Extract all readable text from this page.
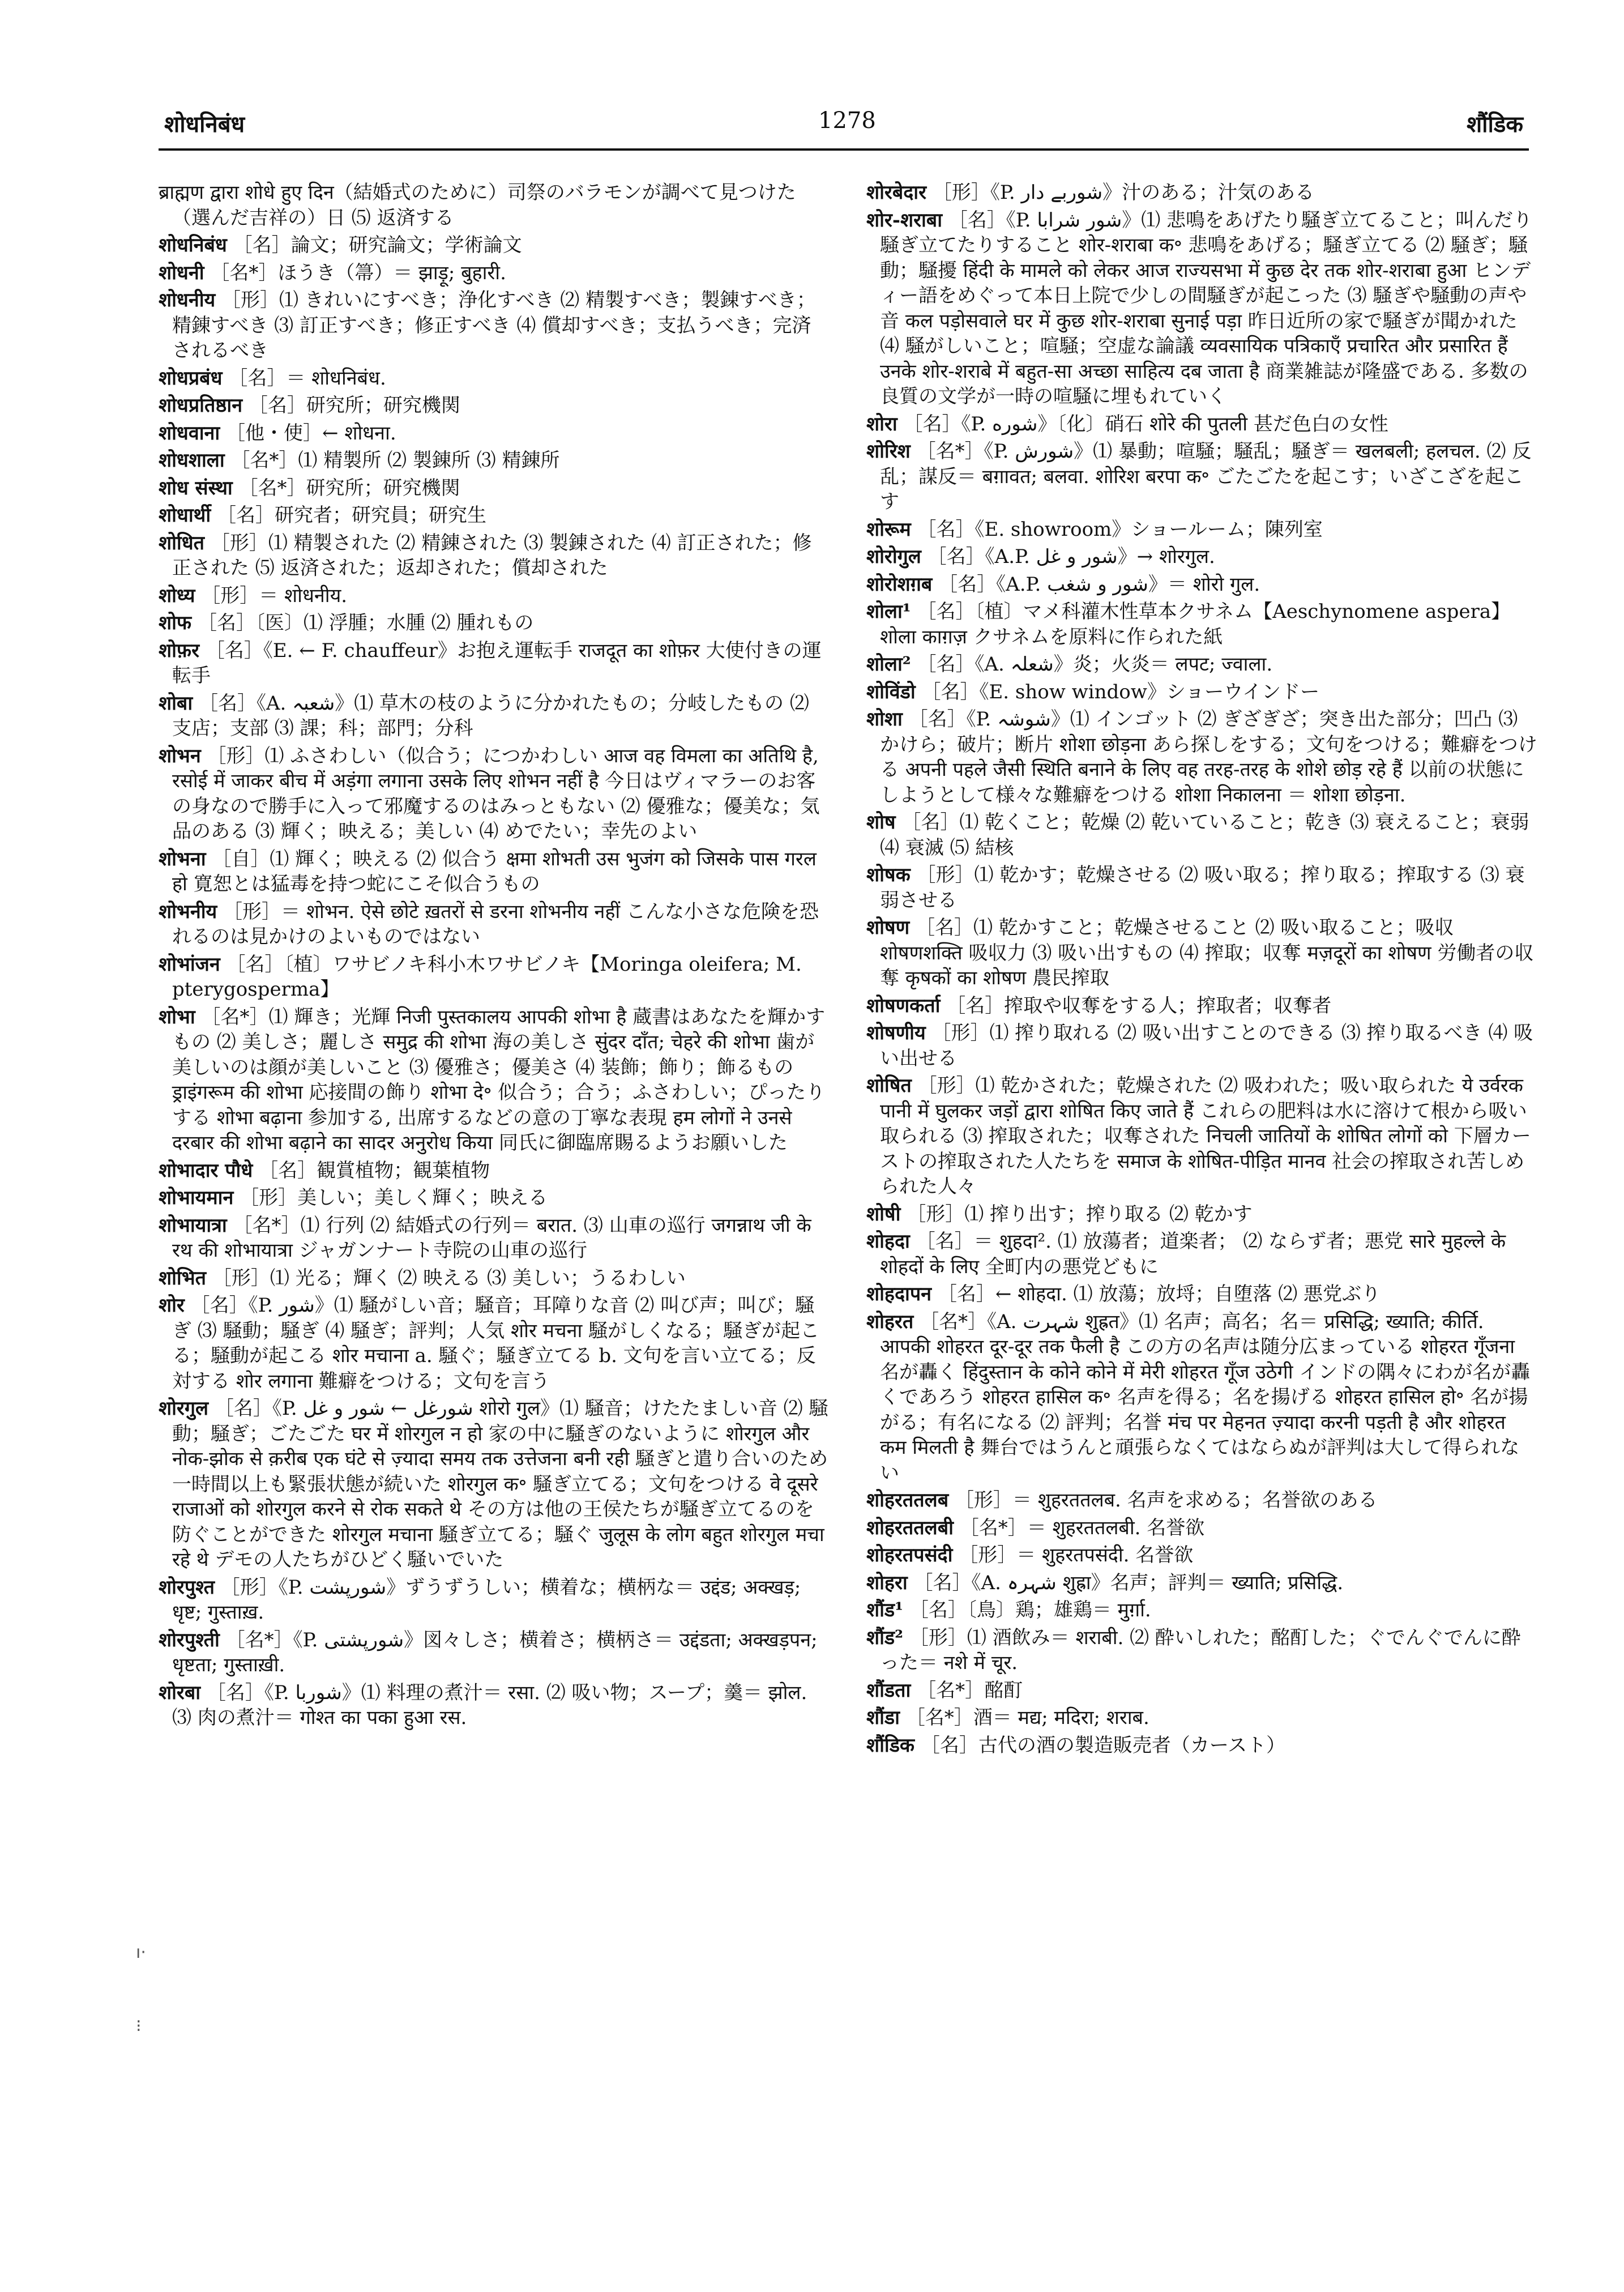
शोधनिबंध	1278	शौंडिक
ब्राह्मण द्वारा शोधे हुए दिन（結婚式のために）司祭のバラモンが調べて見つけた（選んだ吉祥の）日 ⑸ 返済する
शोधनिबंध ［名］論文；研究論文；学術論文
शोधनी ［名*］ほうき（箒）＝ झाड़ू; बुहारी.
शोधनीय ［形］⑴ きれいにすべき；浄化すべき ⑵ 精製すべき；製錬すべき；精錬すべき ⑶ 訂正すべき；修正すべき ⑷ 償却すべき；支払うべき；完済されるべき
शोधप्रबंध ［名］＝ शोधनिबंध.
शोधप्रतिष्ठान ［名］研究所；研究機関
शोधवाना ［他・使］← शोधना.
शोधशाला ［名*］⑴ 精製所 ⑵ 製錬所 ⑶ 精錬所
शोध संस्था ［名*］研究所；研究機関
शोधार्थी ［名］研究者；研究員；研究生
शोधित ［形］⑴ 精製された ⑵ 精錬された ⑶ 製錬された ⑷ 訂正された；修正された ⑸ 返済された；返却された；償却された
शोध्य ［形］＝ शोधनीय.
शोफ ［名］〔医〕⑴ 浮腫；水腫 ⑵ 腫れもの
शोफ़र ［名］《E. ← F. chauffeur》お抱え運転手 राजदूत का शोफ़र 大使付きの運転手
शोबा ［名］《A. شعبہ》⑴ 草木の枝のように分かれたもの；分岐したもの ⑵ 支店；支部 ⑶ 課；科；部門；分科
शोभन ［形］⑴ ふさわしい（似合う；につかわしい आज वह विमला का अतिथि है, रसोई में जाकर बीच में अड़ंगा लगाना उसके लिए शोभन नहीं है 今日はヴィマラーのお客の身なので勝手に入って邪魔するのはみっともない ⑵ 優雅な；優美な；気品のある ⑶ 輝く；映える；美しい ⑷ めでたい；幸先のよい
शोभना ［自］⑴ 輝く；映える ⑵ 似合う क्षमा शोभती उस भुजंग को जिसके पास गरल हो 寛恕とは猛毒を持つ蛇にこそ似合うもの
शोभनीय ［形］＝ शोभन. ऐसे छोटे ख़तरों से डरना शोभनीय नहीं こんな小さな危険を恐れるのは見かけのよいものではない
शोभांजन ［名］〔植〕ワサビノキ科小木ワサビノキ【Moringa oleifera; M. pterygosperma】
शोभा ［名*］⑴ 輝き；光輝 निजी पुस्तकालय आपकी शोभा है 蔵書はあなたを輝かすもの ⑵ 美しさ；麗しさ समुद्र की शोभा 海の美しさ सुंदर दाँत; चेहरे की शोभा 歯が美しいのは顔が美しいこと ⑶ 優雅さ；優美さ ⑷ 装飾；飾り；飾るもの ड्राइंगरूम की शोभा 応接間の飾り शोभा दे॰ 似合う；合う；ふさわしい；ぴったりする शोभा बढ़ाना 参加する, 出席するなどの意の丁寧な表現 हम लोगों ने उनसे दरबार की शोभा बढ़ाने का सादर अनुरोध किया 同氏に御臨席賜るようお願いした
शोभादार पौधे ［名］観賞植物；観葉植物
शोभायमान ［形］美しい；美しく輝く；映える
शोभायात्रा ［名*］⑴ 行列 ⑵ 結婚式の行列＝ बरात. ⑶ 山車の巡行 जगन्नाथ जी के रथ की शोभायात्रा ジャガンナート寺院の山車の巡行
शोभित ［形］⑴ 光る；輝く ⑵ 映える ⑶ 美しい；うるわしい
शोर ［名］《P. شور》⑴ 騒がしい音；騒音；耳障りな音 ⑵ 叫び声；叫び；騒ぎ ⑶ 騒動；騒ぎ ⑷ 騒ぎ；評判；人気 शोर मचना 騒がしくなる；騒ぎが起こる；騒動が起こる शोर मचाना a. 騒ぐ；騒ぎ立てる b. 文句を言い立てる；反対する शोर लगाना 難癖をつける；文句を言う
शोरगुल ［名］《P. شورغل ← شور و غل शोरो गुल》⑴ 騒音；けたたましい音 ⑵ 騒動；騒ぎ；ごたごた घर में शोरगुल न हो 家の中に騒ぎのないように शोरगुल और नोक-झोक से क़रीब एक घंटे से ज़्यादा समय तक उत्तेजना बनी रही 騒ぎと遣り合いのため一時間以上も緊張状態が続いた शोरगुल क॰ 騒ぎ立てる；文句をつける वे दूसरे राजाओं को शोरगुल करने से रोक सकते थे その方は他の王侯たちが騒ぎ立てるのを防ぐことができた शोरगुल मचाना 騒ぎ立てる；騒ぐ जुलूस के लोग बहुत शोरगुल मचा रहे थे デモの人たちがひどく騒いでいた
शोरपुश्त ［形］《P. شورپشت》ずうずうしい；横着な；横柄な＝ उद्दंड; अक्खड़; धृष्ट; गुस्ताख़.
शोरपुश्ती ［名*］《P. شورپشتی》図々しさ；横着さ；横柄さ＝ उद्दंडता; अक्खड़पन; धृष्टता; गुस्ताख़ी.
शोरबा ［名］《P. شوربا》⑴ 料理の煮汁＝ रसा. ⑵ 吸い物；スープ；羹＝ झोल. ⑶ 肉の煮汁＝ गोश्त का पका हुआ रस.
शोरबेदार ［形］《P. شوربے دار》汁のある；汁気のある
शोर-शराबा ［名］《P. شور شرابا》⑴ 悲鳴をあげたり騒ぎ立てること；叫んだり騒ぎ立てたりすること शोर-शराबा क॰ 悲鳴をあげる；騒ぎ立てる ⑵ 騒ぎ；騒動；騒擾 हिंदी के मामले को लेकर आज राज्यसभा में कुछ देर तक शोर-शराबा हुआ ヒンディー語をめぐって本日上院で少しの間騒ぎが起こった ⑶ 騒ぎや騒動の声や音 कल पड़ोसवाले घर में कुछ शोर-शराबा सुनाई पड़ा 昨日近所の家で騒ぎが聞かれた ⑷ 騒がしいこと；喧騒；空虚な論議 व्यवसायिक पत्रिकाएँ प्रचारित और प्रसारित हैं उनके शोर-शराबे में बहुत-सा अच्छा साहित्य दब जाता है 商業雑誌が隆盛である. 多数の良質の文学が一時の喧騒に埋もれていく
शोरा ［名］《P. شوره》〔化〕硝石 शोरे की पुतली 甚だ色白の女性
शोरिश ［名*］《P. شورش》⑴ 暴動；喧騒；騒乱；騒ぎ＝ खलबली; हलचल. ⑵ 反乱；謀反＝ बग़ावत; बलवा. शोरिश बरपा क॰ ごたごたを起こす；いざこざを起こす
शोरूम ［名］《E. showroom》ショールーム；陳列室
शोरोगुल ［名］《A.P. شور و غل》→ शोरगुल.
शोरोशग़ब ［名］《A.P. شور و شغب》＝ शोरो गुल.
शोला¹ ［名］〔植〕マメ科灌木性草本クサネム【Aeschynomene aspera】 शोला काग़ज़ クサネムを原料に作られた紙
शोला² ［名］《A. شعلہ》炎；火炎＝ लपट; ज्वाला.
शोविंडो ［名］《E. show window》ショーウインドー
शोशा ［名］《P. شوشہ》⑴ インゴット ⑵ ぎざぎざ；突き出た部分；凹凸 ⑶ かけら；破片；断片 शोशा छोड़ना あら探しをする；文句をつける；難癖をつける अपनी पहले जैसी स्थिति बनाने के लिए वह तरह-तरह के शोशे छोड़ रहे हैं 以前の状態にしようとして様々な難癖をつける शोशा निकालना ＝ शोशा छोड़ना.
शोष ［名］⑴ 乾くこと；乾燥 ⑵ 乾いていること；乾き ⑶ 衰えること；衰弱 ⑷ 衰滅 ⑸ 結核
शोषक ［形］⑴ 乾かす；乾燥させる ⑵ 吸い取る；搾り取る；搾取する ⑶ 衰弱させる
शोषण ［名］⑴ 乾かすこと；乾燥させること ⑵ 吸い取ること；吸収 शोषणशक्ति 吸収力 ⑶ 吸い出すもの ⑷ 搾取；収奪 मज़दूरों का शोषण 労働者の収奪 कृषकों का शोषण 農民搾取
शोषणकर्ता ［名］搾取や収奪をする人；搾取者；収奪者
शोषणीय ［形］⑴ 搾り取れる ⑵ 吸い出すことのできる ⑶ 搾り取るべき ⑷ 吸い出せる
शोषित ［形］⑴ 乾かされた；乾燥された ⑵ 吸われた；吸い取られた ये उर्वरक पानी में घुलकर जड़ों द्वारा शोषित किए जाते हैं これらの肥料は水に溶けて根から吸い取られる ⑶ 搾取された；収奪された निचली जातियों के शोषित लोगों को 下層カーストの搾取された人たちを समाज के शोषित-पीड़ित मानव 社会の搾取され苦しめられた人々
शोषी ［形］⑴ 搾り出す；搾り取る ⑵ 乾かす
शोहदा ［名］＝ शुहदा². ⑴ 放蕩者；道楽者； ⑵ ならず者；悪党 सारे मुहल्ले के शोहदों के लिए 全町内の悪党どもに
शोहदापन ［名］← शोहदा. ⑴ 放蕩；放埒；自堕落 ⑵ 悪党ぶり
शोहरत ［名*］《A. شہرت शुह्रत》⑴ 名声；高名；名＝ प्रसिद्धि; ख्याति; कीर्ति. आपकी शोहरत दूर-दूर तक फैली है この方の名声は随分広まっている शोहरत गूँजना 名が轟く हिंदुस्तान के कोने कोने में मेरी शोहरत गूँज उठेगी インドの隅々にわが名が轟くであろう शोहरत हासिल क॰ 名声を得る；名を揚げる शोहरत हासिल हो॰ 名が揚がる；有名になる ⑵ 評判；名誉 मंच पर मेहनत ज़्यादा करनी पड़ती है और शोहरत कम मिलती है 舞台ではうんと頑張らなくてはならぬが評判は大して得られない
शोहरततलब ［形］＝ शुहरततलब. 名声を求める；名誉欲のある
शोहरततलबी ［名*］＝ शुहरततलबी. 名誉欲
शोहरतपसंदी ［形］＝ शुहरतपसंदी. 名誉欲
शोहरा ［名］《A. شہرہ शुह्रा》名声；評判＝ ख्याति; प्रसिद्धि.
शौंड¹ ［名］〔鳥〕鶏；雄鶏＝ मुर्ग़ा.
शौंड² ［形］⑴ 酒飲み＝ शराबी. ⑵ 酔いしれた；酩酊した；ぐでんぐでんに酔った＝ नशे में चूर.
शौंडता ［名*］酩酊
शौंडा ［名*］酒＝ मद्य; मदिरा; शराब.
शौंडिक ［名］古代の酒の製造販売者（カースト）
ı·
⁝
